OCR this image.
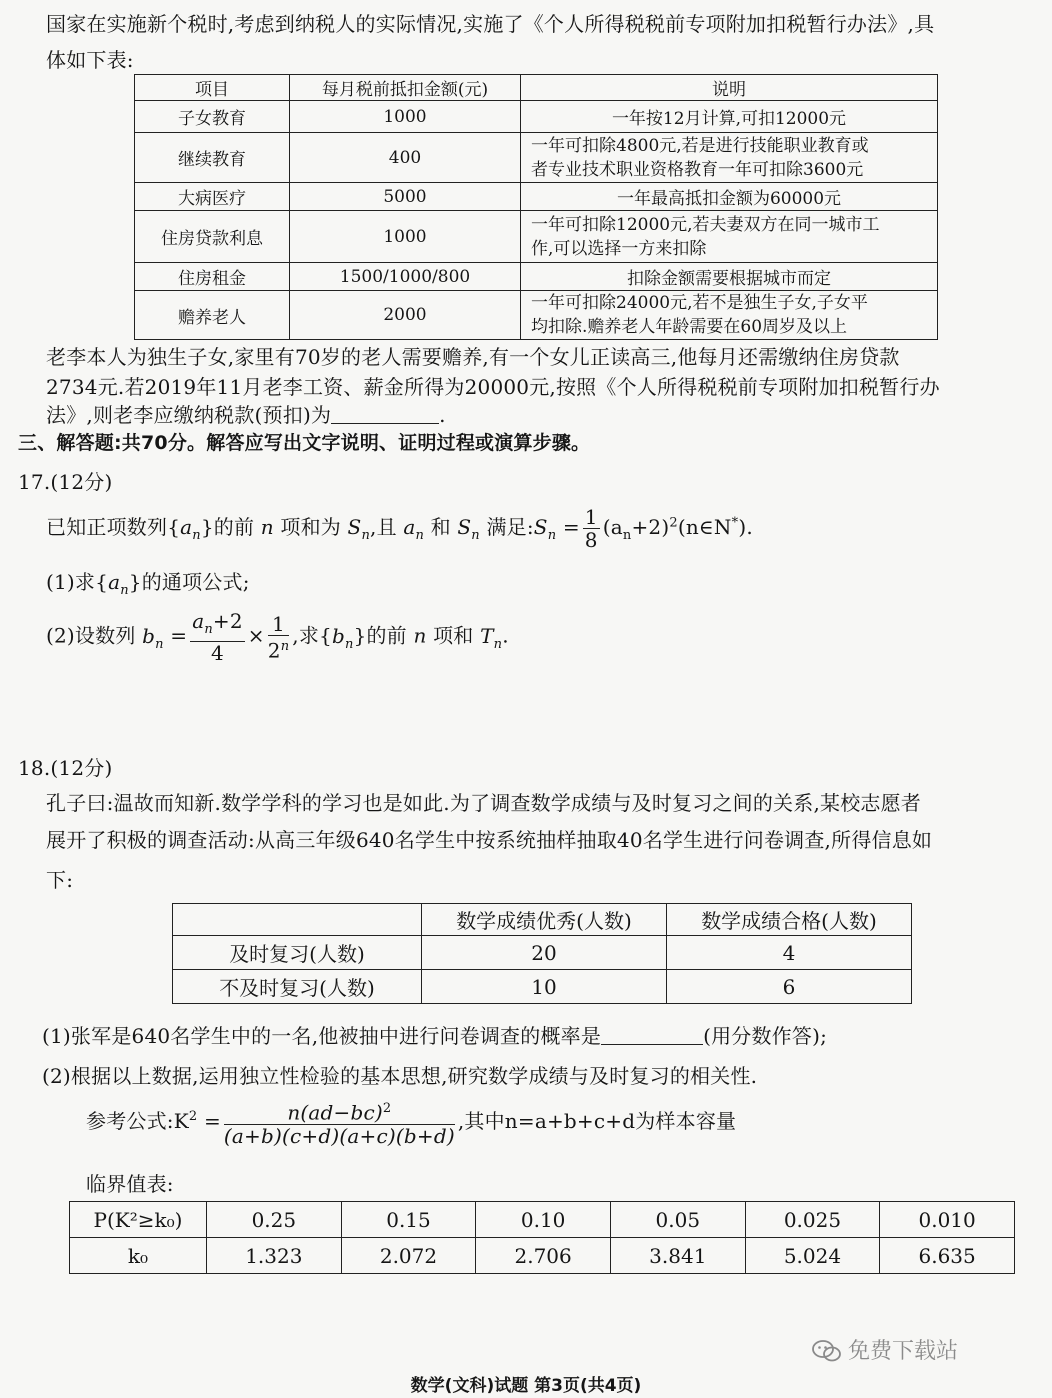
国家在实施新个税时,考虑到纳税人的实际情况,实施了《个人所得税税前专项附加扣税暂行办法》,具
体如下表:
项目	每月税前抵扣金额(元)	说明
子女教育	1000	一年按12月计算,可扣12000元
继续教育	400	一年可扣除4800元,若是进行技能职业教育或
者专业技术职业资格教育一年可扣除3600元

大病医疗	5000	一年最高抵扣金额为60000元
住房贷款利息	1000	一年可扣除12000元,若夫妻双方在同一城市工
作,可以选择一方来扣除

住房租金	1500/1000/800	扣除金额需要根据城市而定
赡养老人	2000	一年可扣除24000元,若不是独生子女,子女平
均扣除.赡养老人年龄需要在60周岁及以上
老李本人为独生子女,家里有70岁的老人需要赡养,有一个女儿正读高三,他每月还需缴纳住房贷款
2734元.若2019年11月老李工资、薪金所得为20000元,按照《个人所得税税前专项附加扣税暂行办
法》,则老李应缴纳税款(预扣)为	.
三、解答题:共70分。解答应写出文字说明、证明过程或演算步骤。
17.(12分)
已知正项数列$\{a_n\}$的前 n 项和为 $S_n$,且 $a_n$ 和 $S_n$ 满足$:S_n = \frac{1}{8}$ $(a_n+2)^2(n\in N^*)$.
(1)求$\{a_n\}$的通项公式;
(2)设数列 $b_n = \frac{a_n+2}{4} \times \frac{1}{2^n}$ ,求$\{b_n\}$的前 n 项和 $T_n$.
18.(12分)
孔子曰:温故而知新.数学学科的学习也是如此.为了调查数学成绩与及时复习之间的关系,某校志愿者
展开了积极的调查活动:从高三年级640名学生中按系统抽样抽取40名学生进行问卷调查,所得信息如
下:
	数学成绩优秀(人数)	数学成绩合格(人数)
及时复习(人数)	20	4
不及时复习(人数)	10	6
(1)张军是640名学生中的一名,他被抽中进行问卷调查的概率是	(用分数作答);
(2)根据以上数据,运用独立性检验的基本思想,研究数学成绩与及时复习的相关性.
参考公式$:K^2 = \frac{n(ad-bc)^2}{(a+b)(c+d)(a+c)(b+d)}$ ,其中n=a+b+c+d为样本容量
临界值表:
P(K²≥k₀)	0.25	0.15	0.10	0.05	0.025	0.010
k₀	1.323	2.072	2.706	3.841	5.024	6.635
免费下载站
数学(文科)试题 第3页(共4页)
